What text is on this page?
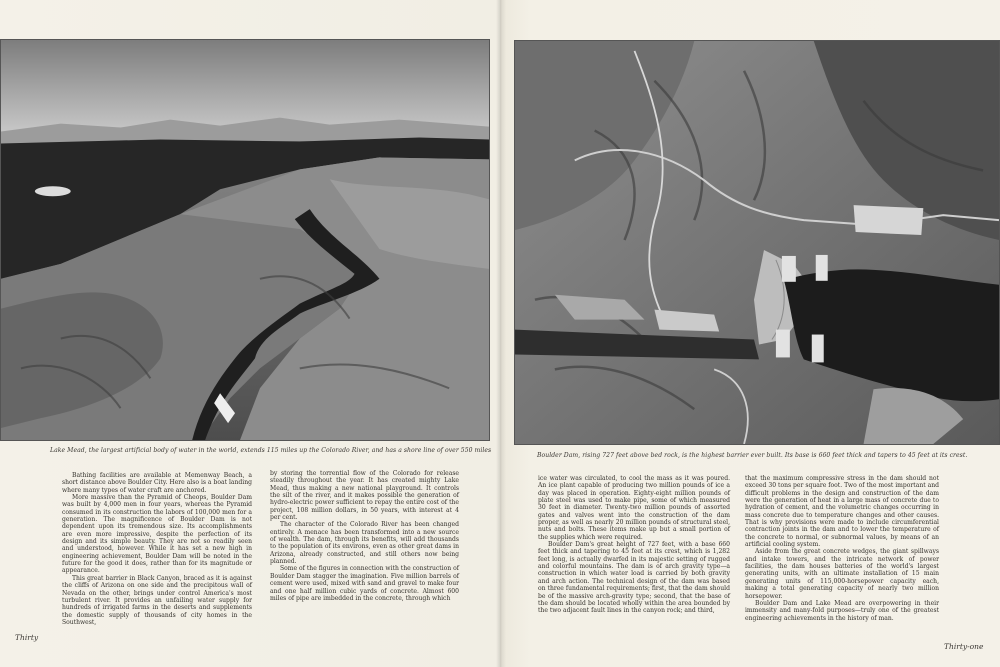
Lake Mead, the largest artificial body of water in the world, extends 115 miles up the Colorado River, and has a shore line of over 550 miles

Bathing facilities are available at Memenway Beach, a short distance above Boulder City. Here also is a boat landing where many types of water craft are anchored.

More massive than the Pyramid of Cheops, Boulder Dam was built by 4,000 men in four years, whereas the Pyramid consumed in its construction the labors of 100,000 men for a generation. The magnificence of Boulder Dam is not dependent upon its tremendous size. Its accomplishments are even more impressive, despite the perfection of its design and its simple beauty. They are not so readily seen and understood, however. While it has set a new high in engineering achievement, Boulder Dam will be noted in the future for the good it does, rather than for its magnitude or appearance.

This great barrier in Black Canyon, braced as it is against the cliffs of Arizona on one side and the precipitous wall of Nevada on the other, brings under control America's most turbulent river. It provides an unfailing water supply for hundreds of irrigated farms in the deserts and supplements the domestic supply of thousands of city homes in the Southwest,

by storing the torrential flow of the Colorado for release steadily throughout the year. It has created mighty Lake Mead, thus making a new national playground. It controls the silt of the river, and it makes possible the generation of hydro-electric power sufficient to repay the entire cost of the project, 108 million dollars, in 50 years, with interest at 4 per cent.

The character of the Colorado River has been changed entirely. A menace has been transformed into a new source of wealth. The dam, through its benefits, will add thousands to the population of its environs, even as other great dams in Arizona, already constructed, and still others now being planned.

Some of the figures in connection with the construction of Boulder Dam stagger the imagination. Five million barrels of cement were used, mixed with sand and gravel to make four and one half million cubic yards of concrete. Almost 600 miles of pipe are imbedded in the concrete, through which

Thirty
Boulder Dam, rising 727 feet above bed rock, is the highest barrier ever built. Its base is 660 feet thick and tapers to 45 feet at its crest.

ice water was circulated, to cool the mass as it was poured. An ice plant capable of producing two million pounds of ice a day was placed in operation. Eighty-eight million pounds of plate steel was used to make pipe, some of which measured 30 feet in diameter. Twenty-two million pounds of assorted gates and valves went into the construction of the dam proper, as well as nearly 20 million pounds of structural steel, nuts and bolts. These items make up but a small portion of the supplies which were required.

Boulder Dam's great height of 727 feet, with a base 660 feet thick and tapering to 45 feet at its crest, which is 1,282 feet long, is actually dwarfed in its majestic setting of rugged and colorful mountains. The dam is of arch gravity type—a construction in which water load is carried by both gravity and arch action. The technical design of the dam was based on three fundamental requirements; first, that the dam should be of the massive arch-gravity type; second, that the base of the dam should be located wholly within the area bounded by the two adjacent fault lines in the canyon rock; and third,

that the maximum compressive stress in the dam should not exceed 30 tons per square foot. Two of the most important and difficult problems in the design and construction of the dam were the generation of heat in a large mass of concrete due to hydration of cement, and the volumetric changes occurring in mass concrete due to temperature changes and other causes. That is why provisions were made to include circumferential contraction joints in the dam and to lower the temperature of the concrete to normal, or subnormal values, by means of an artificial cooling system.

Aside from the great concrete wedges, the giant spillways and intake towers, and the intricate network of power facilities, the dam houses batteries of the world's largest generating units, with an ultimate installation of 15 main generating units of 115,000-horsepower capacity each, making a total generating capacity of nearly two million horsepower.

Boulder Dam and Lake Mead are overpowering in their immensity and many-fold purposes—truly one of the greatest engineering achievements in the history of man.

Thirty-one
